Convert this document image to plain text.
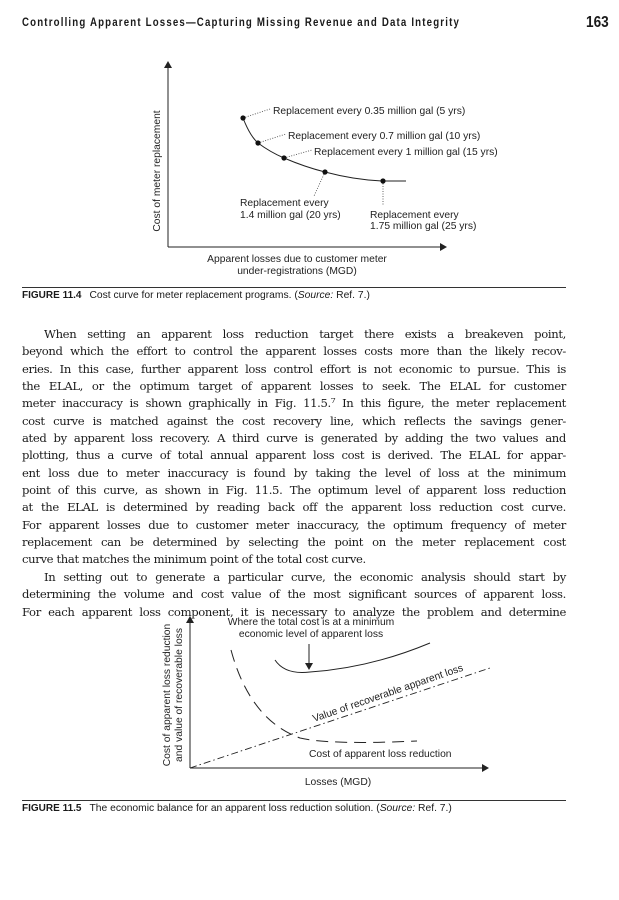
Controlling Apparent Losses—Capturing Missing Revenue and Data Integrity	163
Replacement every 0.35 million gal (5 yrs)
Replacement every 0.7 million gal (10 yrs)
Replacement every 1 million gal (15 yrs)
Replacement every
1.4 million gal (20 yrs)	Replacement every
1.75 million gal (25 yrs)
Cost of meter replacement
Apparent losses due to customer meter
under-registrations (MGD)
Where the total cost is at a minimum
economic level of apparent loss
Value of recoverable apparent loss
Cost of apparent loss reduction
Losses (MGD)
Cost of apparent loss reduction and value of recoverable loss
FIGURE 11.4 Cost curve for meter replacement programs. (Source: Ref. 7.)
When setting an apparent loss reduction target there exists a breakeven point,
beyond which the effort to control the apparent losses costs more than the likely recov-
eries. In this case, further apparent loss control effort is not economic to pursue. This is
the ELAL, or the optimum target of apparent losses to seek. The ELAL for customer
meter inaccuracy is shown graphically in Fig. 11.5.⁷ In this figure, the meter replacement
cost curve is matched against the cost recovery line, which reflects the savings gener-
ated by apparent loss recovery. A third curve is generated by adding the two values and
plotting, thus a curve of total annual apparent loss cost is derived. The ELAL for appar-
ent loss due to meter inaccuracy is found by taking the level of loss at the minimum
point of this curve, as shown in Fig. 11.5. The optimum level of apparent loss reduction
at the ELAL is determined by reading back off the apparent loss reduction cost curve.
For apparent losses due to customer meter inaccuracy, the optimum frequency of meter
replacement can be determined by selecting the point on the meter replacement cost
curve that matches the minimum point of the total cost curve.
In setting out to generate a particular curve, the economic analysis should start by
determining the volume and cost value of the most significant sources of apparent loss.
For each apparent loss component, it is necessary to analyze the problem and determine
FIGURE 11.5 The economic balance for an apparent loss reduction solution. (Source: Ref. 7.)
